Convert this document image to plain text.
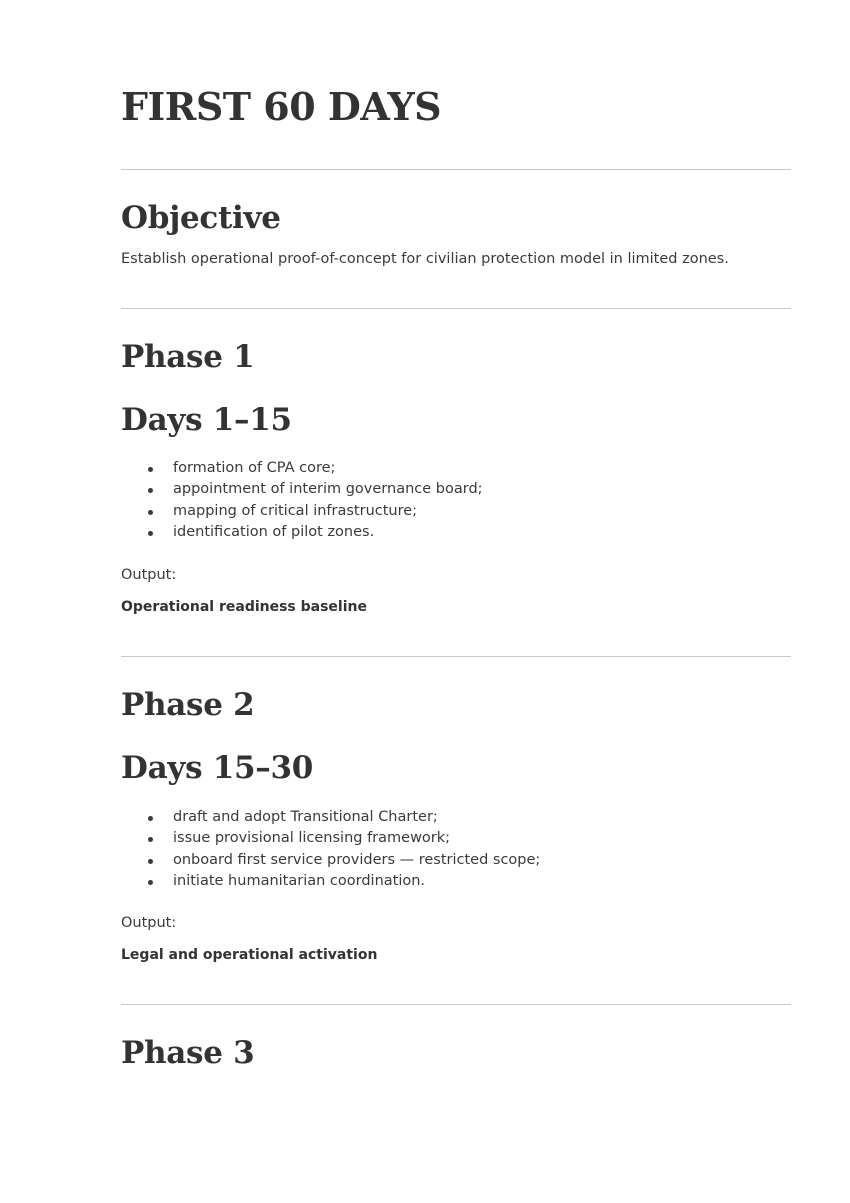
FIRST 60 DAYS
Objective

Establish operational proof-of-concept for civilian protection model in limited zones.

Phase 1
Days 1–15
formation of CPA core;
appointment of interim governance board;
mapping of critical infrastructure;
identification of pilot zones.

Output:

Operational readiness baseline

Phase 2
Days 15–30
draft and adopt Transitional Charter;
issue provisional licensing framework;
onboard first service providers — restricted scope;
initiate humanitarian coordination.

Output:

Legal and operational activation

Phase 3
